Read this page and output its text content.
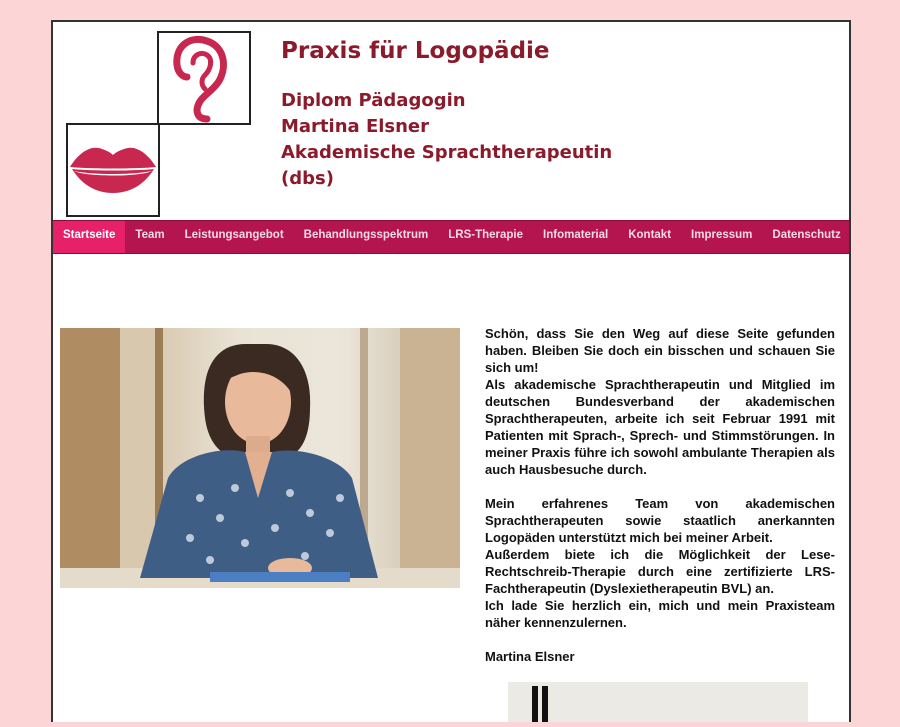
Praxis für Logopädie

Diplom Pädagogin

Martina Elsner

Akademische Sprachtherapeutin

(dbs)

Startseite	Team	Leistungsangebot	Behandlungsspektrum	LRS-Therapie	Infomaterial	Kontakt	Impressum	Datenschutz

Schön, dass Sie den Weg auf diese Seite gefunden haben. Bleiben Sie doch ein bisschen und schauen Sie sich um!

Als akademische Sprachtherapeutin und Mitglied im deutschen Bundesverband der akademischen Sprachtherapeuten, arbeite ich seit Februar 1991 mit Patienten mit Sprach-, Sprech- und Stimmstörungen. In meiner Praxis führe ich sowohl ambulante Therapien als auch Hausbesuche durch.

Mein erfahrenes Team von akademischen Sprachtherapeuten sowie staatlich anerkannten Logopäden unterstützt mich bei meiner Arbeit.

Außerdem biete ich die Möglichkeit der Lese-Rechtschreib-Therapie durch eine zertifizierte LRS-Fachtherapeutin (Dyslexietherapeutin BVL) an.

Ich lade Sie herzlich ein, mich und mein Praxisteam näher kennenzulernen.

Martina Elsner
